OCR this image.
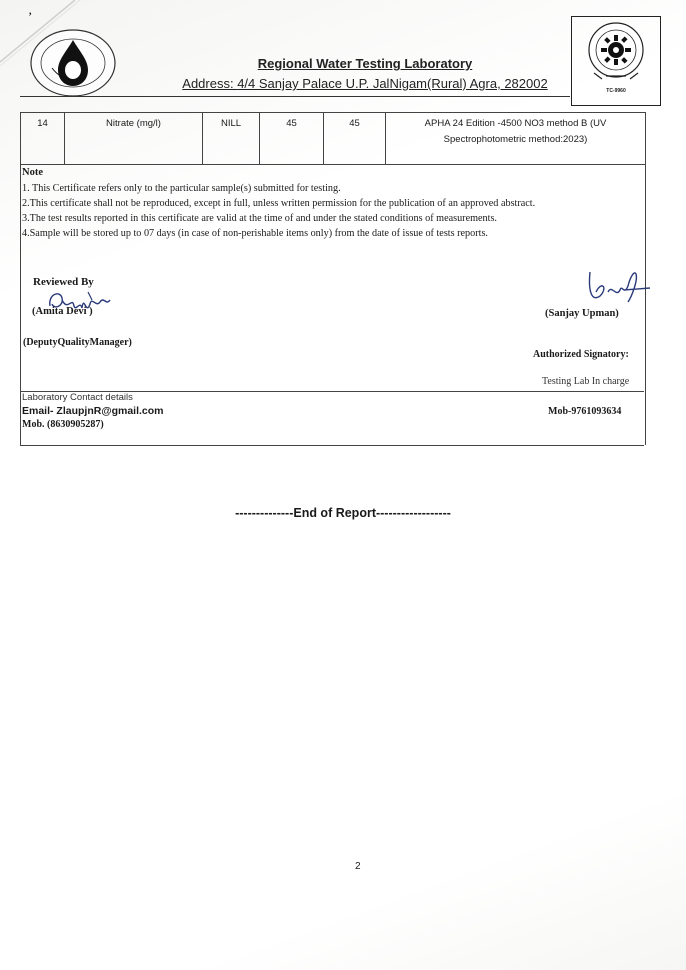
,
TC-9960
Regional Water Testing Laboratory
Address: 4/4 Sanjay Palace U.P. JalNigam(Rural) Agra, 282002
14	Nitrate (mg/l)	NILL	45	45	APHA 24 Edition -4500 NO3 method B (UV
Spectrophotometric method:2023)
Note

1. This Certificate refers only to the particular sample(s) submitted for testing.

2.This certificate shall not be reproduced, except in full, unless written permission for the publication of an approved abstract.

3.The test results reported in this certificate are valid at the time of and under the stated conditions of measurements.

4.Sample will be stored up to 07 days (in case of non-perishable items only) from the date of issue of tests reports.

Reviewed By
(Amita Devi )
(DeputyQualityManager)
(Sanjay Upman)
Authorized Signatory:
Testing Lab In charge
Laboratory Contact details
Email- ZlaupjnR@gmail.com
Mob. (8630905287)
Mob-9761093634
--------------End of Report------------------
2
